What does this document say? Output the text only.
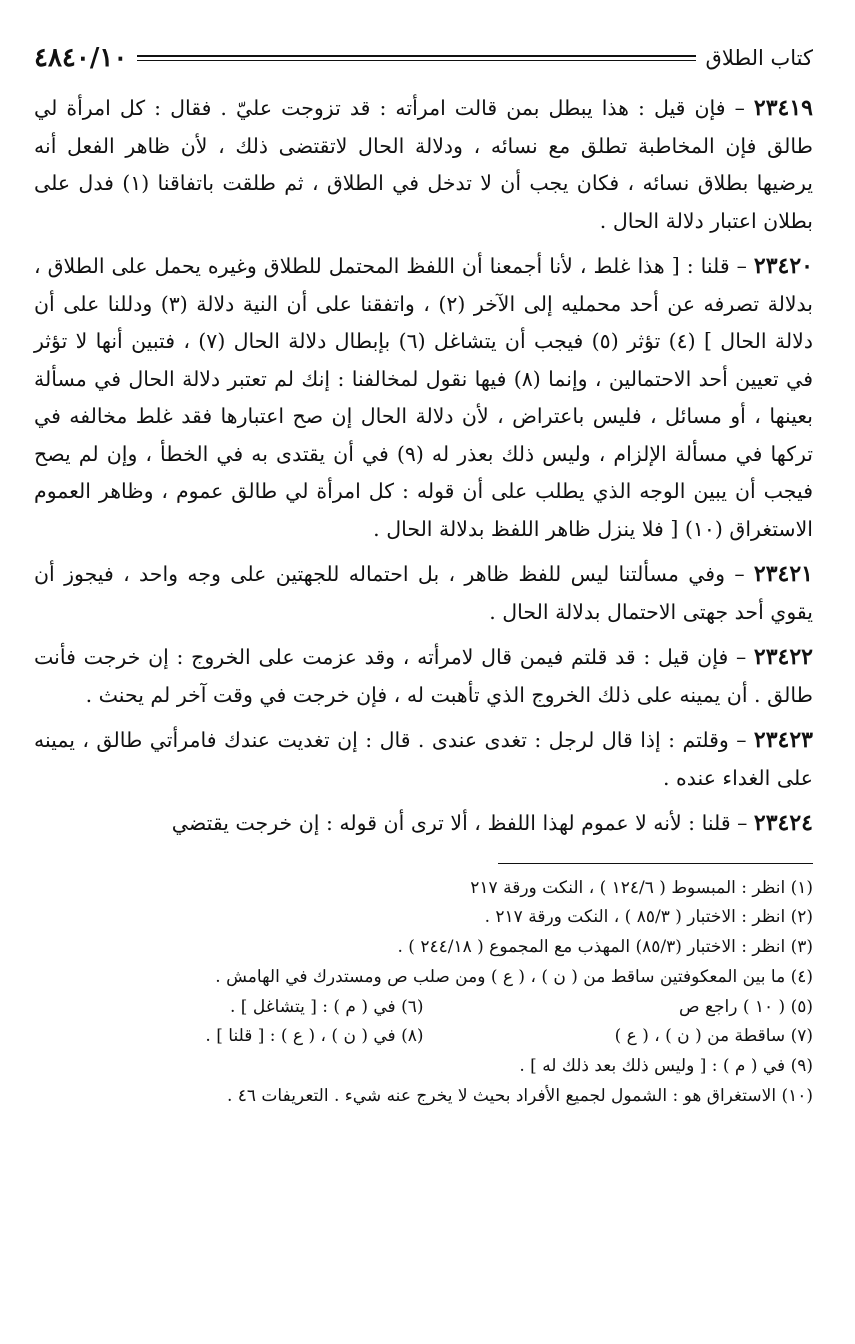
٤٨٤٠/١٠	كتاب الطلاق

٢٣٤١٩ – فإن قيل : هذا يبطل بمن قالت امرأته : قد تزوجت عليّ . فقال : كل امرأة لي طالق فإن المخاطبة تطلق مع نسائه ، ودلالة الحال لاتقتضى ذلك ، لأن ظاهر الفعل أنه يرضيها بطلاق نسائه ، فكان يجب أن لا تدخل في الطلاق ، ثم طلقت باتفاقنا (١) فدل على بطلان اعتبار دلالة الحال .

٢٣٤٢٠ – قلنا : [ هذا غلط ، لأنا أجمعنا أن اللفظ المحتمل للطلاق وغيره يحمل على الطلاق ، بدلالة تصرفه عن أحد محمليه إلى الآخر (٢) ، واتفقنا على أن النية دلالة (٣) ودللنا على أن دلالة الحال ] (٤) تؤثر (٥) فيجب أن يتشاغل (٦) بإبطال دلالة الحال (٧) ، فتبين أنها لا تؤثر في تعيين أحد الاحتمالين ، وإنما (٨) فيها نقول لمخالفنا : إنك لم تعتبر دلالة الحال في مسألة بعينها ، أو مسائل ، فليس باعتراض ، لأن دلالة الحال إن صح اعتبارها فقد غلط مخالفه في تركها في مسألة الإلزام ، وليس ذلك بعذر له (٩) في أن يقتدى به في الخطأ ، وإن لم يصح فيجب أن يبين الوجه الذي يطلب على أن قوله : كل امرأة لي طالق عموم ، وظاهر العموم الاستغراق (١٠) [ فلا ينزل ظاهر اللفظ بدلالة الحال .

٢٣٤٢١ – وفي مسألتنا ليس للفظ ظاهر ، بل احتماله للجهتين على وجه واحد ، فيجوز أن يقوي أحد جهتى الاحتمال بدلالة الحال .

٢٣٤٢٢ – فإن قيل : قد قلتم فيمن قال لامرأته ، وقد عزمت على الخروج : إن خرجت فأنت طالق . أن يمينه على ذلك الخروج الذي تأهبت له ، فإن خرجت في وقت آخر لم يحنث .

٢٣٤٢٣ – وقلتم : إذا قال لرجل : تغدى عندى . قال : إن تغديت عندك فامرأتي طالق ، يمينه على الغداء عنده .

٢٣٤٢٤ – قلنا : لأنه لا عموم لهذا اللفظ ، ألا ترى أن قوله : إن خرجت يقتضي

(١) انظر : المبسوط ( ١٢٤/٦ ) ، النكت ورقة ٢١٧
(٢) انظر : الاختبار ( ٨٥/٣ ) ، النكت ورقة ٢١٧ .
(٣) انظر : الاختبار (٨٥/٣) المهذب مع المجموع ( ٢٤٤/١٨ ) .
(٤) ما بين المعكوفتين ساقط من ( ن ) ، ( ع ) ومن صلب ص ومستدرك في الهامش .
(٥) ( ١٠ ) راجع ص
(٦) في ( م ) : [ يتشاغل ] .
(٧) ساقطة من ( ن ) ، ( ع )
(٨) في ( ن ) ، ( ع ) : [ قلنا ] .
(٩) في ( م ) : [ وليس ذلك بعد ذلك له ] .
(١٠) الاستغراق هو : الشمول لجميع الأفراد بحيث لا يخرج عنه شيء . التعريفات ٤٦ .
